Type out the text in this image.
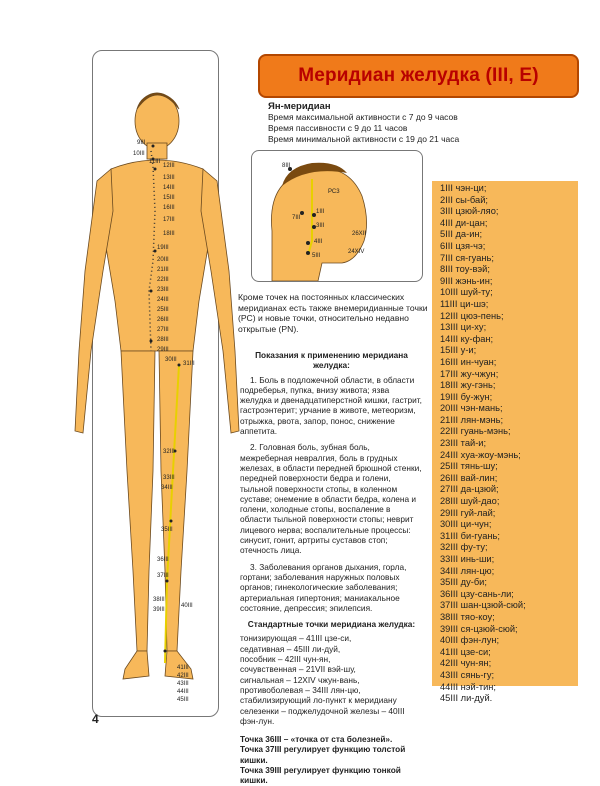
9III
10III
11III
12III
13III
14III
15III
16III
17III
18III
19III
20III
21III
22III
23III
24III
25III
26III
27III
28III
29III
30III
31III
32III
33III
34III
35III
36III
37III
38III
39III
40III
41III
42III
43III
44III
45III
Меридиан желудка (III, E)
Ян-меридиан
Время максимальной активности с 7 до 9 часов
Время пассивности с 9 до 11 часов
Время минимальной активности с 19 до 21 часа
8III
РС3
7III
1III
3III
4III
5III
26XII
24XIV
Кроме точек на постоянных классических меридианах есть также внемеридианные точки (РС) и новые точки, относительно недавно открытые (PN).
Показания к применению меридиана желудка:

1. Боль в подложечной области, в области подреберья, пупка, внизу живота; язва желудка и двенадцатиперстной кишки, гастрит, гастроэнтерит; урчание в животе, метеоризм, отрыжка, рвота, запор, понос, снижение аппетита.

2. Головная боль, зубная боль, межреберная невралгия, боль в грудных железах, в области передней брюшной стенки, передней поверхности бедра и голени, тыльной поверхности стопы, в коленном суставе; онемение в области бедра, колена и голени, холодные стопы, воспаление в области тыльной поверхности стопы; неврит лицевого нерва; воспалительные процессы: синусит, гонит, артриты суставов стоп; отечность лица.

3. Заболевания органов дыхания, горла, гортани; заболевания наружных половых органов; гинекологические заболевания; артериальная гипертония; маниакальное состояние, депрессия; эпилепсия.

Стандартные точки меридиана желудка:
тонизирующая – 41III цзе-си,
седативная – 45III ли-дуй,
пособник – 42III чун-ян,
сочувственная – 21VII вэй-шу,
сигнальная – 12XIV чжун-вань,
противоболевая – 34III лян-цю,
стабилизирующий ло-пункт к меридиану селезенки – поджелудочной железы – 40III фэн-лун.
Точка 36III – «точка от ста болезней».
Точка 37III регулирует функцию толстой кишки.
Точка 39III регулирует функцию тонкой кишки.
1III чэн-ци;
2III сы-бай;
3III цзюй-ляо;
4III ди-цан;
5III да-ин;
6III цзя-чэ;
7III ся-гуань;
8III тоу-вэй;
9III жэнь-ин;
10III шуй-ту;
11III ци-шэ;
12III цюэ-пень;
13III ци-ху;
14III ку-фан;
15III у-и;
16III ин-чуан;
17III жу-чжун;
18III жу-гэнь;
19III бу-жун;
20III чэн-мань;
21III лян-мэнь;
22III гуань-мэнь;
23III тай-и;
24III хуа-жоу-мэнь;
25III тянь-шу;
26III вай-лин;
27III да-цзюй;
28III шуй-дао;
29III гуй-лай;
30III ци-чун;
31III би-гуань;
32III фу-ту;
33III инь-ши;
34III лян-цю;
35III ду-би;
36III цзу-сань-ли;
37III шан-цзюй-сюй;
38III тяо-коу;
39III ся-цзюй-сюй;
40III фэн-лун;
41III цзе-си;
42III чун-ян;
43III сянь-гу;
44III нэй-тин;
45III ли-дуй.
4
